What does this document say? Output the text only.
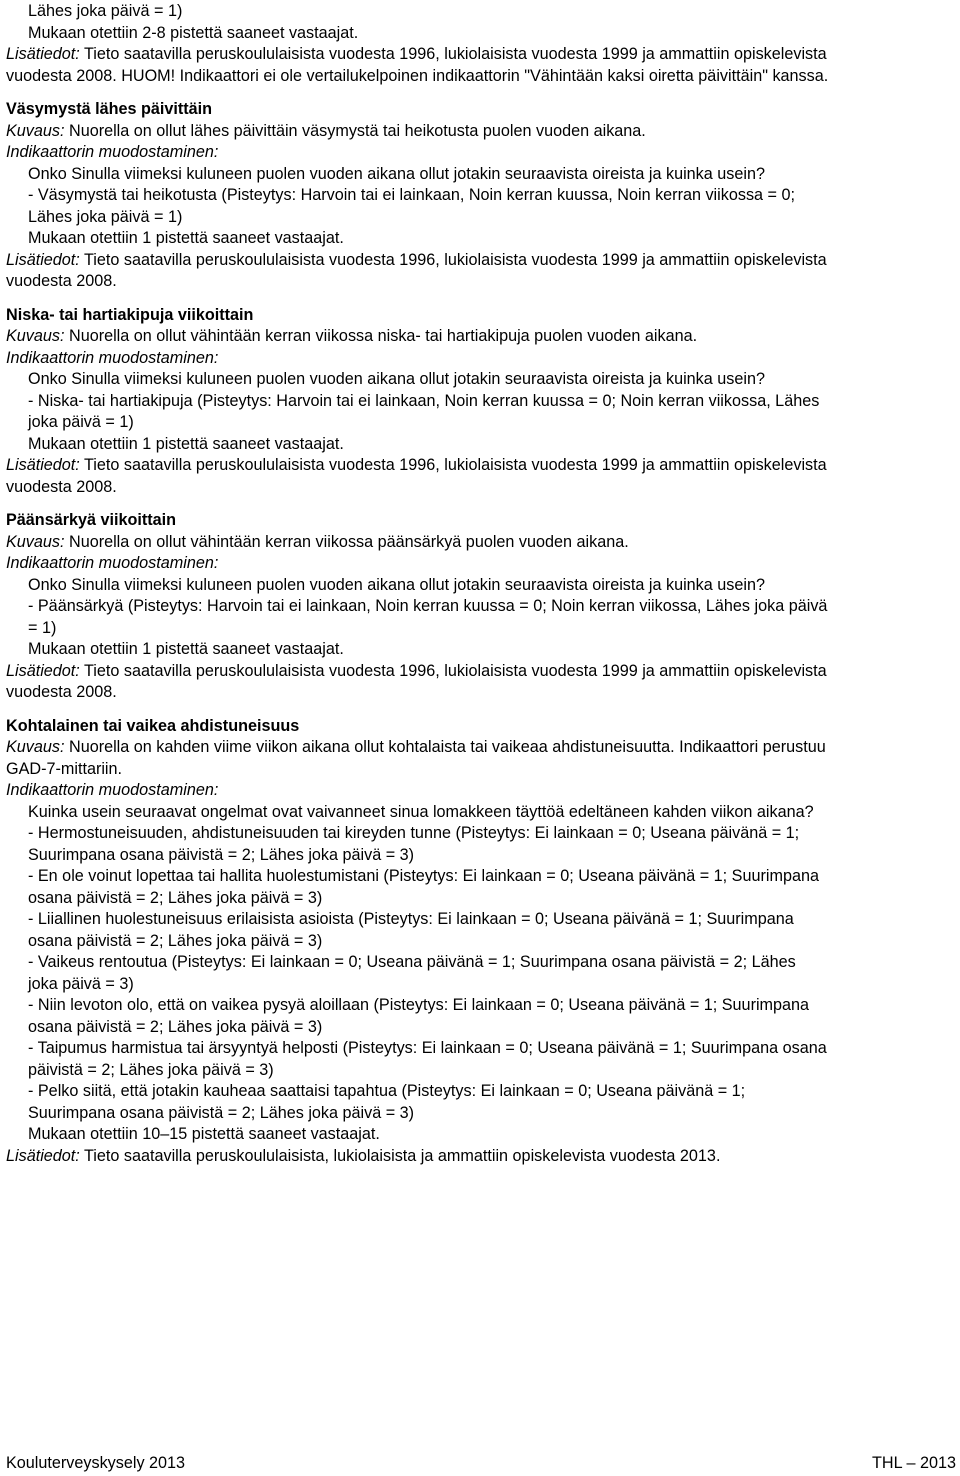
Lähes joka päivä = 1)
Mukaan otettiin 2-8 pistettä saaneet vastaajat.
Lisätiedot: Tieto saatavilla peruskoululaisista vuodesta 1996, lukiolaisista vuodesta 1999 ja ammattiin opiskelevista
vuodesta 2008. HUOM! Indikaattori ei ole vertailukelpoinen indikaattorin "Vähintään kaksi oiretta päivittäin" kanssa.
Väsymystä lähes päivittäin
Kuvaus: Nuorella on ollut lähes päivittäin väsymystä tai heikotusta puolen vuoden aikana.
Indikaattorin muodostaminen:
Onko Sinulla viimeksi kuluneen puolen vuoden aikana ollut jotakin seuraavista oireista ja kuinka usein?
- Väsymystä tai heikotusta (Pisteytys: Harvoin tai ei lainkaan, Noin kerran kuussa, Noin kerran viikossa = 0;
Lähes joka päivä = 1)
Mukaan otettiin 1 pistettä saaneet vastaajat.
Lisätiedot: Tieto saatavilla peruskoululaisista vuodesta 1996, lukiolaisista vuodesta 1999 ja ammattiin opiskelevista
vuodesta 2008.
Niska- tai hartiakipuja viikoittain
Kuvaus: Nuorella on ollut vähintään kerran viikossa niska- tai hartiakipuja puolen vuoden aikana.
Indikaattorin muodostaminen:
Onko Sinulla viimeksi kuluneen puolen vuoden aikana ollut jotakin seuraavista oireista ja kuinka usein?
- Niska- tai hartiakipuja (Pisteytys: Harvoin tai ei lainkaan, Noin kerran kuussa = 0; Noin kerran viikossa, Lähes
joka päivä = 1)
Mukaan otettiin 1 pistettä saaneet vastaajat.
Lisätiedot: Tieto saatavilla peruskoululaisista vuodesta 1996, lukiolaisista vuodesta 1999 ja ammattiin opiskelevista
vuodesta 2008.
Päänsärkyä viikoittain
Kuvaus: Nuorella on ollut vähintään kerran viikossa päänsärkyä puolen vuoden aikana.
Indikaattorin muodostaminen:
Onko Sinulla viimeksi kuluneen puolen vuoden aikana ollut jotakin seuraavista oireista ja kuinka usein?
- Päänsärkyä (Pisteytys: Harvoin tai ei lainkaan, Noin kerran kuussa = 0; Noin kerran viikossa, Lähes joka päivä
= 1)
Mukaan otettiin 1 pistettä saaneet vastaajat.
Lisätiedot: Tieto saatavilla peruskoululaisista vuodesta 1996, lukiolaisista vuodesta 1999 ja ammattiin opiskelevista
vuodesta 2008.
Kohtalainen tai vaikea ahdistuneisuus
Kuvaus: Nuorella on kahden viime viikon aikana ollut kohtalaista tai vaikeaa ahdistuneisuutta. Indikaattori perustuu
GAD-7-mittariin.
Indikaattorin muodostaminen:
Kuinka usein seuraavat ongelmat ovat vaivanneet sinua lomakkeen täyttöä edeltäneen kahden viikon aikana?
- Hermostuneisuuden, ahdistuneisuuden tai kireyden tunne (Pisteytys: Ei lainkaan = 0; Useana päivänä = 1;
Suurimpana osana päivistä = 2; Lähes joka päivä = 3)
- En ole voinut lopettaa tai hallita huolestumistani (Pisteytys: Ei lainkaan = 0; Useana päivänä = 1; Suurimpana
osana päivistä = 2; Lähes joka päivä = 3)
- Liiallinen huolestuneisuus erilaisista asioista (Pisteytys: Ei lainkaan = 0; Useana päivänä = 1; Suurimpana
osana päivistä = 2; Lähes joka päivä = 3)
- Vaikeus rentoutua (Pisteytys: Ei lainkaan = 0; Useana päivänä = 1; Suurimpana osana päivistä = 2; Lähes
joka päivä = 3)
- Niin levoton olo, että on vaikea pysyä aloillaan (Pisteytys: Ei lainkaan = 0; Useana päivänä = 1; Suurimpana
osana päivistä = 2; Lähes joka päivä = 3)
- Taipumus harmistua tai ärsyyntyä helposti (Pisteytys: Ei lainkaan = 0; Useana päivänä = 1; Suurimpana osana
päivistä = 2; Lähes joka päivä = 3)
- Pelko siitä, että jotakin kauheaa saattaisi tapahtua (Pisteytys: Ei lainkaan = 0; Useana päivänä = 1;
Suurimpana osana päivistä = 2; Lähes joka päivä = 3)
Mukaan otettiin 10–15 pistettä saaneet vastaajat.
Lisätiedot: Tieto saatavilla peruskoululaisista, lukiolaisista ja ammattiin opiskelevista vuodesta 2013.
Kouluterveyskysely 2013	THL – 2013
